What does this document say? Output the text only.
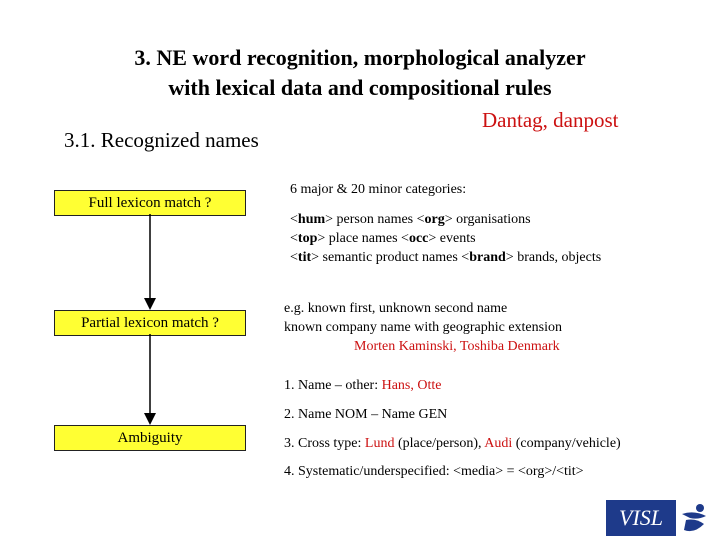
3. NE word recognition, morphological analyzer
with lexical data and compositional rules
Dantag, danpost
3.1. Recognized names
Full lexicon match ?
Partial lexicon match ?
Ambiguity
6 major & 20 minor categories:
<hum> person names <org> organisations
<top> place names <occ> events
<tit> semantic product names <brand> brands, objects
e.g. known first, unknown second name
known company name with geographic extension
Morten Kaminski, Toshiba Denmark
1. Name – other: Hans, Otte
2. Name NOM – Name GEN
3. Cross type: Lund (place/person), Audi (company/vehicle)
4. Systematic/underspecified: <media> = <org>/<tit>
VISL
